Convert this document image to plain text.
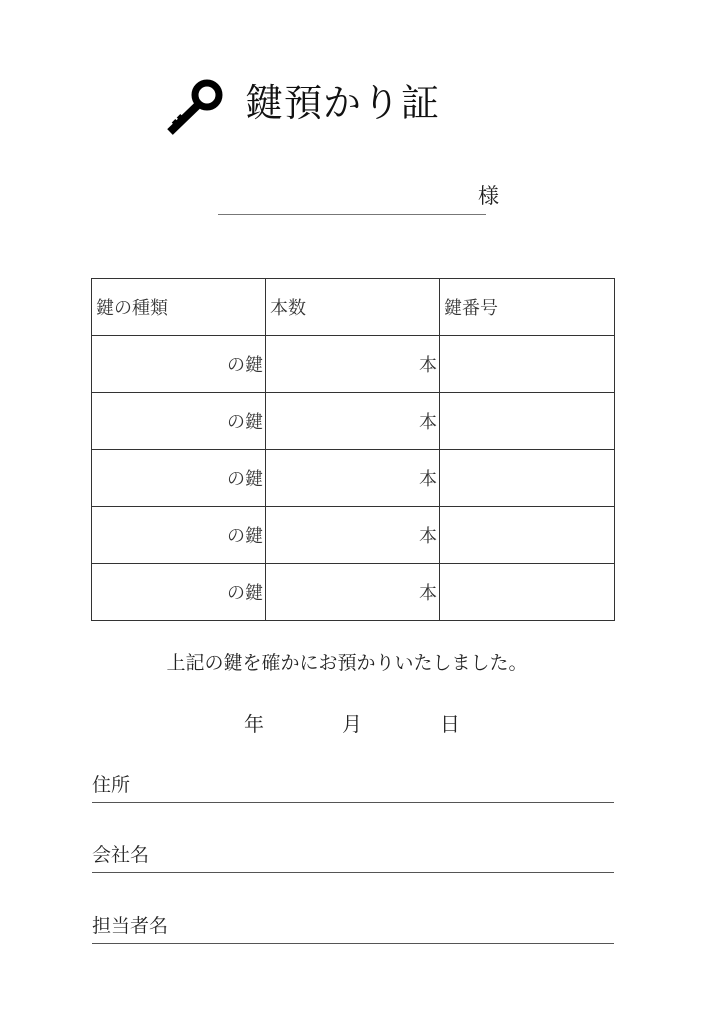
鍵預かり証
様
鍵の種類	本数	鍵番号
の鍵	本	
の鍵	本	
の鍵	本	
の鍵	本	
の鍵	本	
上記の鍵を確かにお預かりいたしました。
年	月	日
住所
会社名
担当者名
